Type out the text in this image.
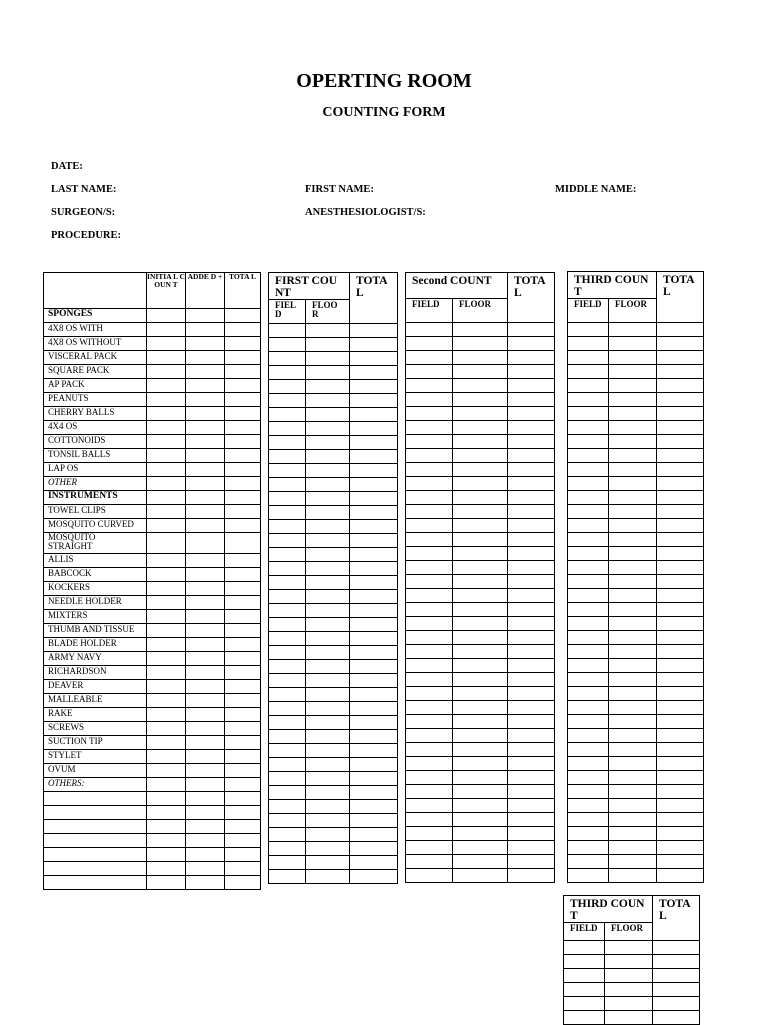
OPERTING ROOM
COUNTING FORM
DATE:
LAST NAME:	FIRST NAME:	MIDDLE NAME:
SURGEON/S:	ANESTHESIOLOGIST/S:
PROCEDURE:
	INITIA L COUN T	ADDE D +	TOTA L
SPONGES			
4X8 OS WITH			
4X8 OS WITHOUT			
VISCERAL PACK			
SQUARE PACK			
AP PACK			
PEANUTS			
CHERRY BALLS			
4X4 OS			
COTTONOIDS			
TONSIL BALLS			
LAP OS			
OTHER			
INSTRUMENTS			
TOWEL CLIPS			
MOSQUITO CURVED			
MOSQUITO STRAIGHT			
ALLIS			
BABCOCK			
KOCKERS			
NEEDLE HOLDER			
MIXTERS			
THUMB AND TISSUE			
BLADE HOLDER			
ARMY NAVY			
RICHARDSON			
DEAVER			
MALLEABLE			
RAKE			
SCREWS			
SUCTION TIP			
STYLET			
OVUM			
OTHERS:			

FIRST COUNT		TOTA L
FIEL D	FLOO R	

Second COUNT		TOTA L
FIELD	FLOOR	

THIRD COUNT		TOTA L
FIELD	FLOOR	

THIRD COUNT		TOTA L
FIELD	FLOOR	
